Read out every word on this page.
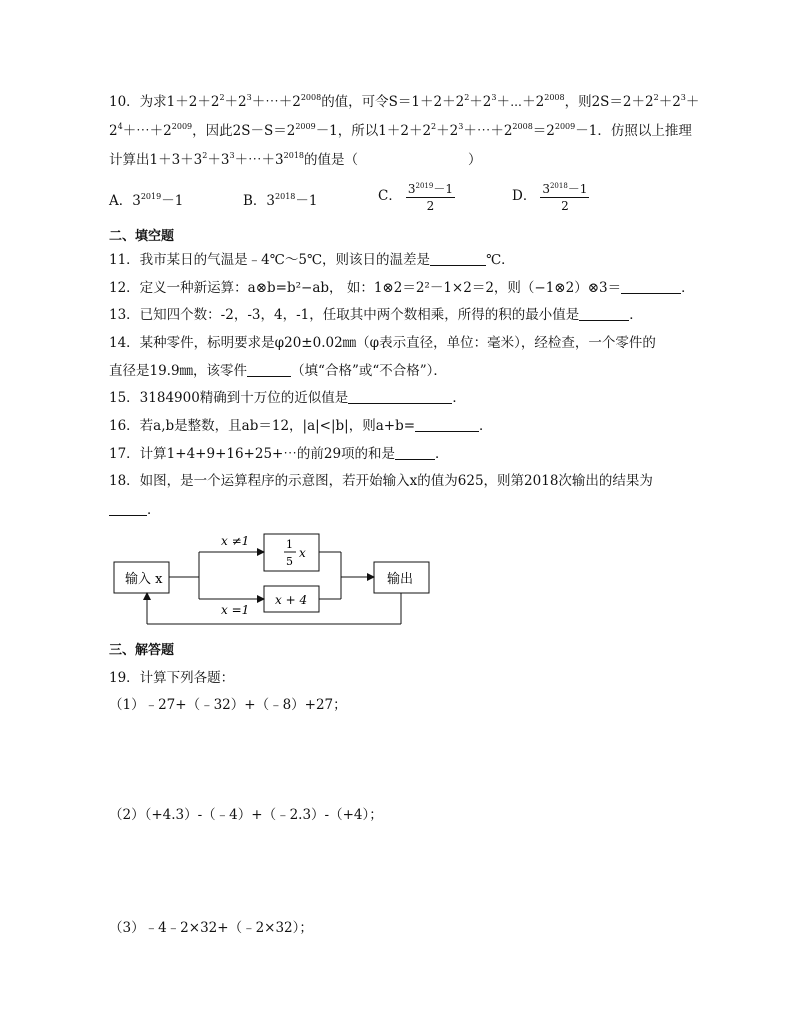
10．为求$1+2+2^2+2^3+\cdots+2^{2008}$的值，可令$S=1+2+2^2+2^3+\cdots+2^{2008}$，则$2S=2+2^2+2^3+$
$2^4+\cdots+2^{2009}$，因此$2S-S=2^{2009}-1$，所以$1+2+2^2+2^3+\cdots+2^{2008}=2^{2009}-1$．仿照以上推理
计算出$1+3+3^2+3^3+\cdots+3^{2018}$的值是（	）
A．$3^{2019}-1$	B．$3^{2018}-1$	C． $\frac{3^{2019}-1}{2}$	D． $\frac{3^{2018}-1}{2}$
二、填空题
11．我市某日的气温是﹣4℃～5℃，则该日的温差是	℃．
12．定义一种新运算：a⊗b=b²−ab， 如：1⊗2＝2²－1×2＝2，则（−1⊗2）⊗3＝	．
13．已知四个数：-2，-3，4，-1，任取其中两个数相乘，所得的积的最小值是	．
14．某种零件，标明要求是φ20±0.02㎜（φ表示直径，单位：毫米），经检查，一个零件的
直径是19.9㎜，该零件	（填“合格”或“不合格”）．
15．3184900精确到十万位的近似值是	．
16．若a,b是整数，且ab＝12，|a|<|b|，则a+b=	．
17．计算1+4+9+16+25+⋯的前29项的和是	．
18．如图，是一个运算程序的示意图，若开始输入x的值为625，则第2018次输出的结果为
．
输入 x	输出
x ≠1
x =1
1
5
x
x + 4
三、解答题
19．计算下列各题：
（1）﹣27+（﹣32）+（﹣8）+27；
（2）（+4.3）-（﹣4）+（﹣2.3）-（+4）；
（3）﹣4﹣2×32+（﹣2×32）；
